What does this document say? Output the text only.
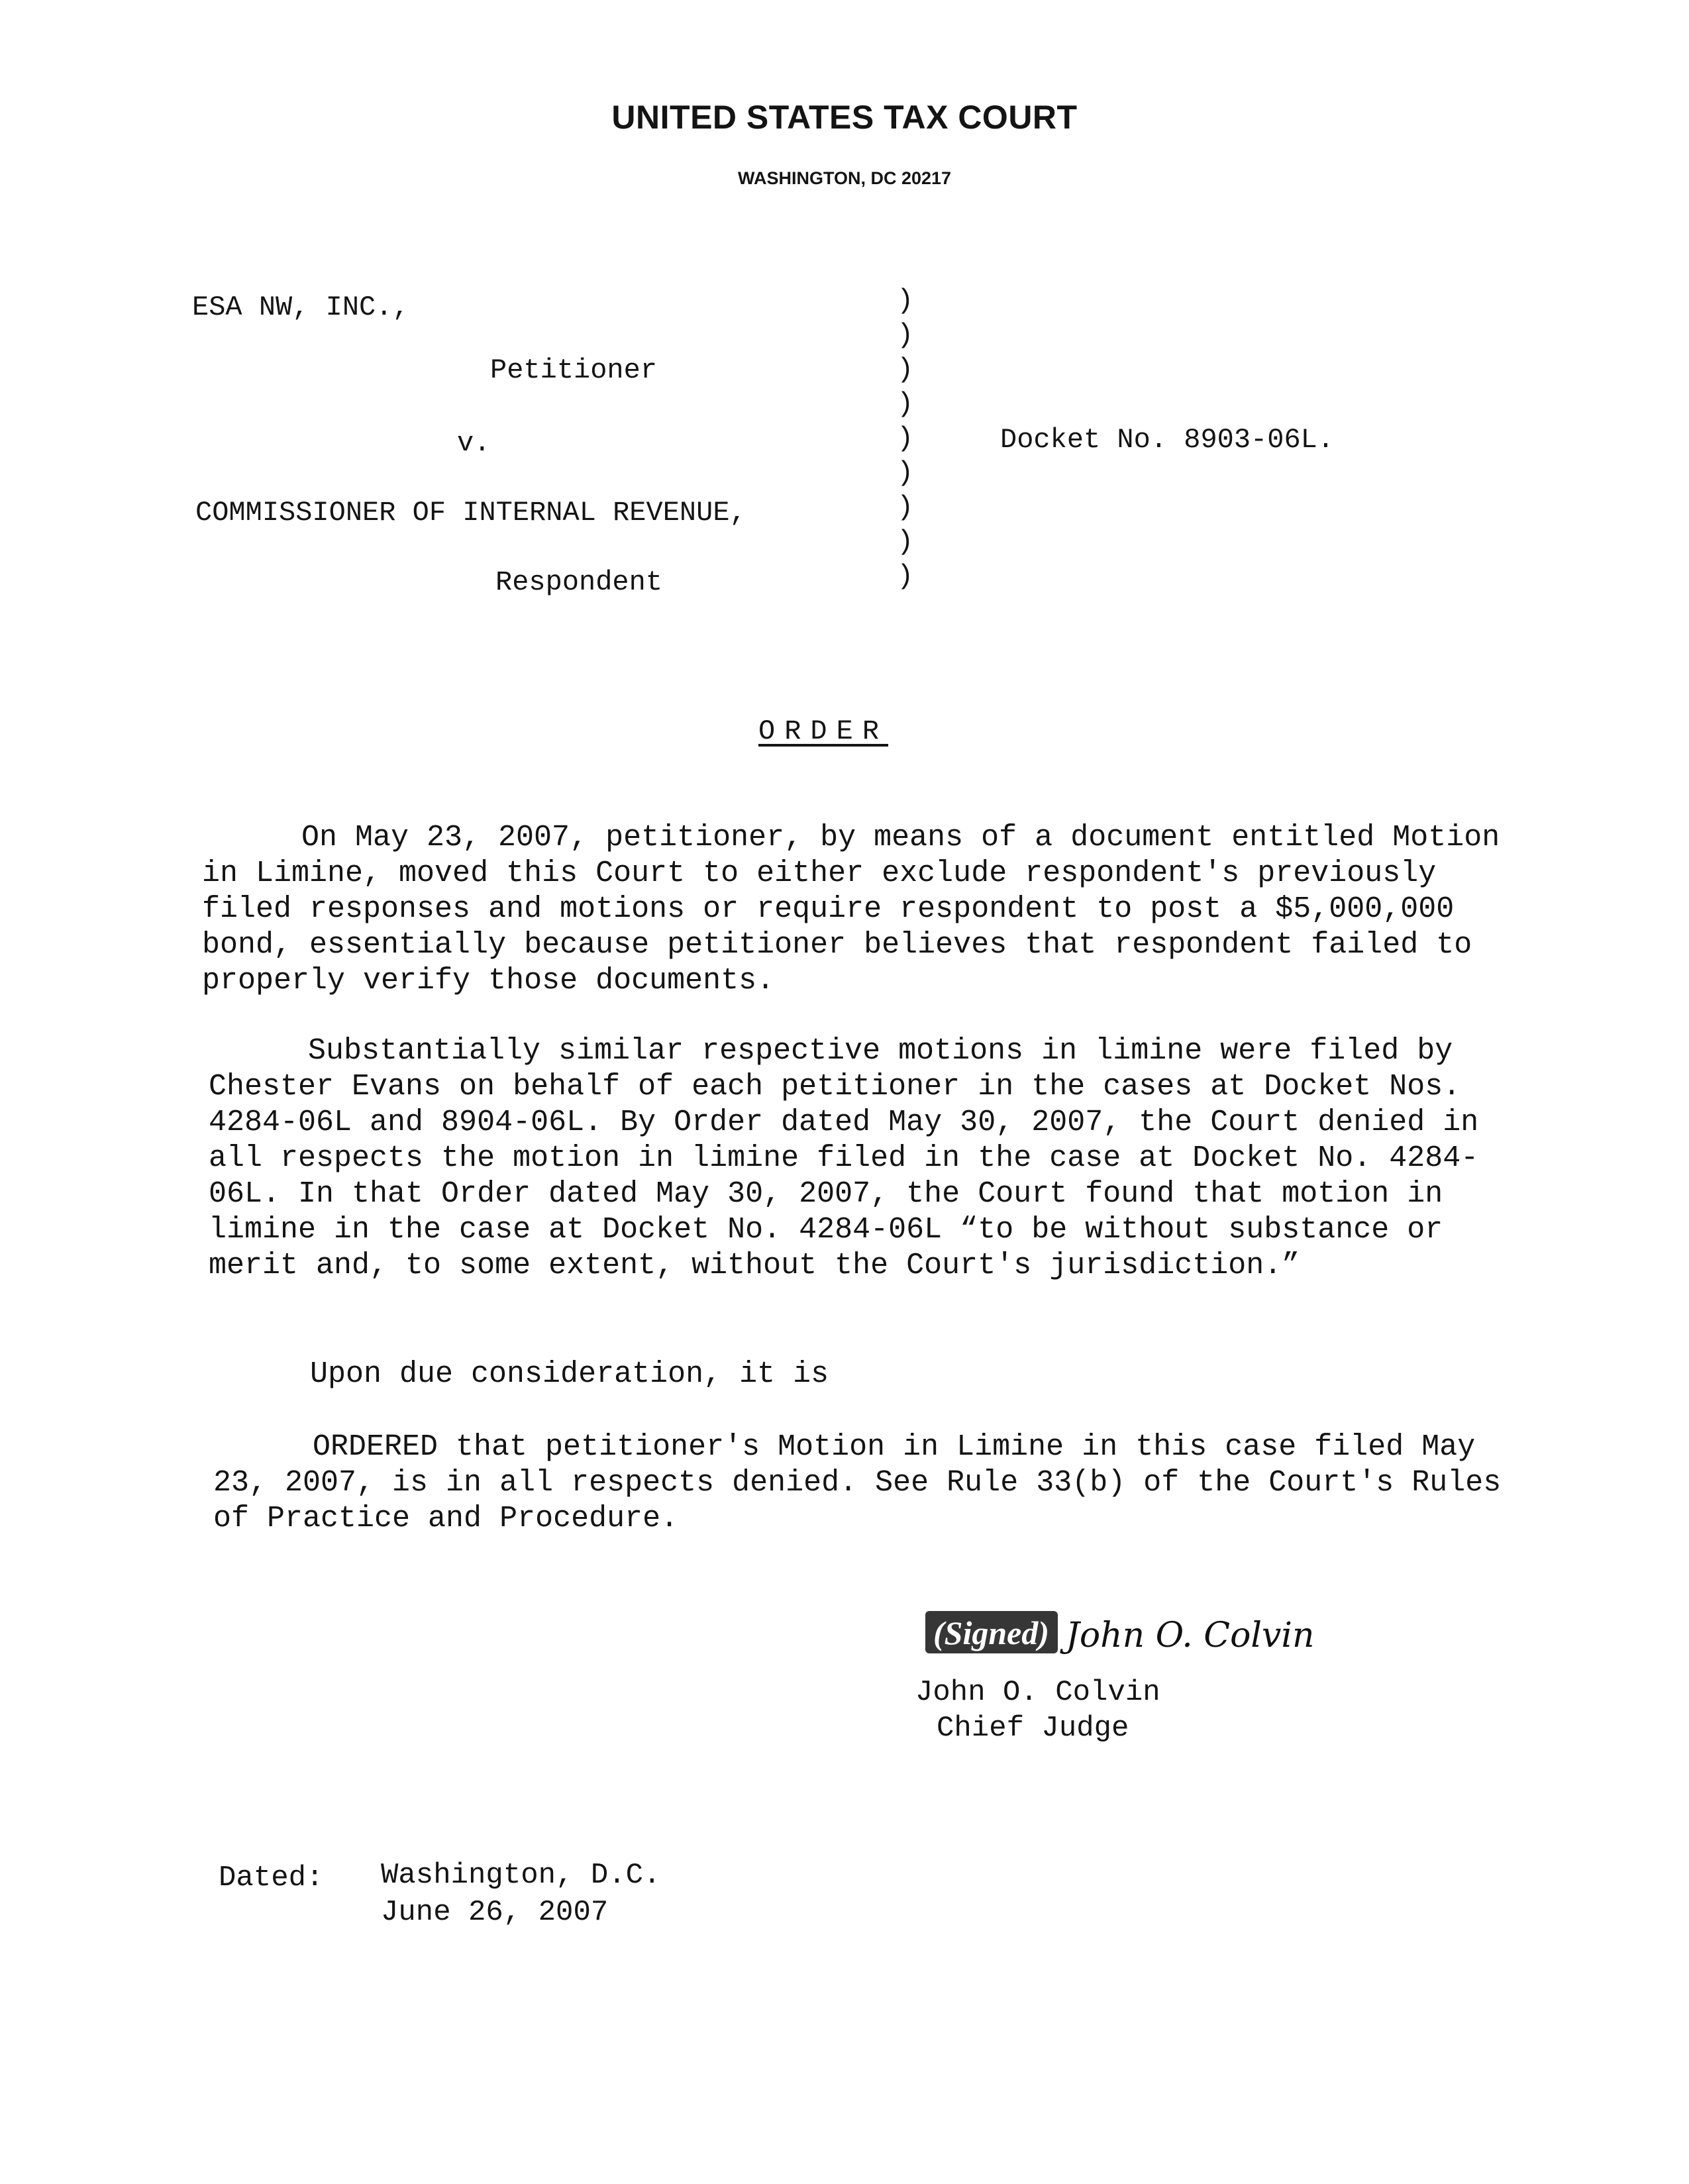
UNITED STATES TAX COURT
WASHINGTON, DC 20217
ESA NW, INC.,
Petitioner
v.
COMMISSIONER OF INTERNAL REVENUE,
Respondent
Docket No. 8903-06L.
)
)
)
)
)
)
)
)
)
ORDER
On May 23, 2007, petitioner, by means of a document entitled Motion in Limine, moved this Court to either exclude respondent's previously filed responses and motions or require respondent to post a $5,000,000 bond, essentially because petitioner believes that respondent failed to properly verify those documents.
Substantially similar respective motions in limine were filed by Chester Evans on behalf of each petitioner in the cases at Docket Nos. 4284-06L and 8904-06L. By Order dated May 30, 2007, the Court denied in all respects the motion in limine filed in the case at Docket No. 4284-06L. In that Order dated May 30, 2007, the Court found that motion in limine in the case at Docket No. 4284-06L “to be without substance or merit and, to some extent, without the Court's jurisdiction.”
Upon due consideration, it is
ORDERED that petitioner's Motion in Limine in this case filed May 23, 2007, is in all respects denied. See Rule 33(b) of the Court's Rules of Practice and Procedure.
(Signed) John O. Colvin
John O. Colvin
Chief Judge
Dated: Washington, D.C.
June 26, 2007
